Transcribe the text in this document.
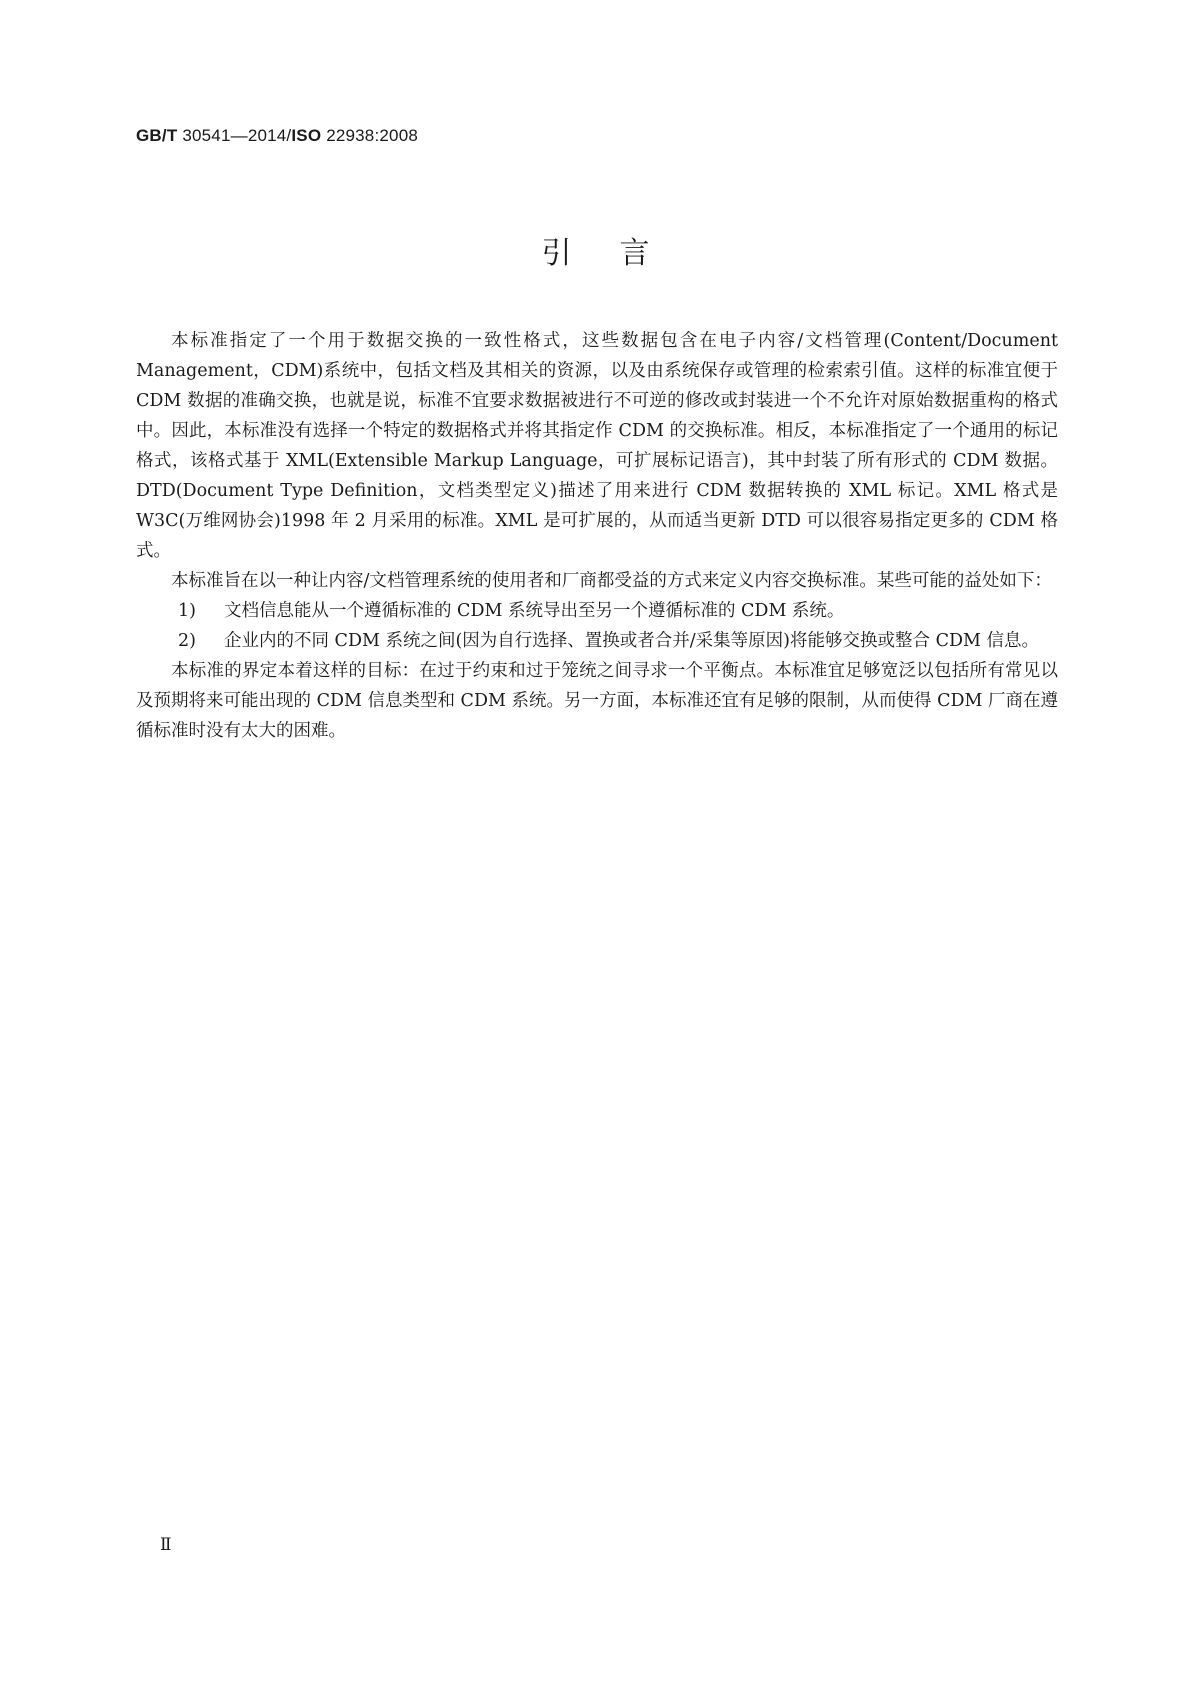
GB/T 30541—2014/ISO 22938:2008
引言

本标准指定了一个用于数据交换的一致性格式，这些数据包含在电子内容/文档管理(Content/Document Management，CDM)系统中，包括文档及其相关的资源，以及由系统保存或管理的检索索引值。这样的标准宜便于 CDM 数据的准确交换，也就是说，标准不宜要求数据被进行不可逆的修改或封装进一个不允许对原始数据重构的格式中。因此，本标准没有选择一个特定的数据格式并将其指定作 CDM 的交换标准。相反，本标准指定了一个通用的标记格式，该格式基于 XML(Extensible Markup Language，可扩展标记语言)，其中封装了所有形式的 CDM 数据。DTD(Document Type Definition，文档类型定义)描述了用来进行 CDM 数据转换的 XML 标记。XML 格式是 W3C(万维网协会)1998 年 2 月采用的标准。XML 是可扩展的，从而适当更新 DTD 可以很容易指定更多的 CDM 格式。

本标准旨在以一种让内容/文档管理系统的使用者和厂商都受益的方式来定义内容交换标准。某些可能的益处如下：

1)	文档信息能从一个遵循标准的 CDM 系统导出至另一个遵循标准的 CDM 系统。
2)	企业内的不同 CDM 系统之间(因为自行选择、置换或者合并/采集等原因)将能够交换或整合 CDM 信息。

本标准的界定本着这样的目标：在过于约束和过于笼统之间寻求一个平衡点。本标准宜足够宽泛以包括所有常见以及预期将来可能出现的 CDM 信息类型和 CDM 系统。另一方面，本标准还宜有足够的限制，从而使得 CDM 厂商在遵循标准时没有太大的困难。

Ⅱ
